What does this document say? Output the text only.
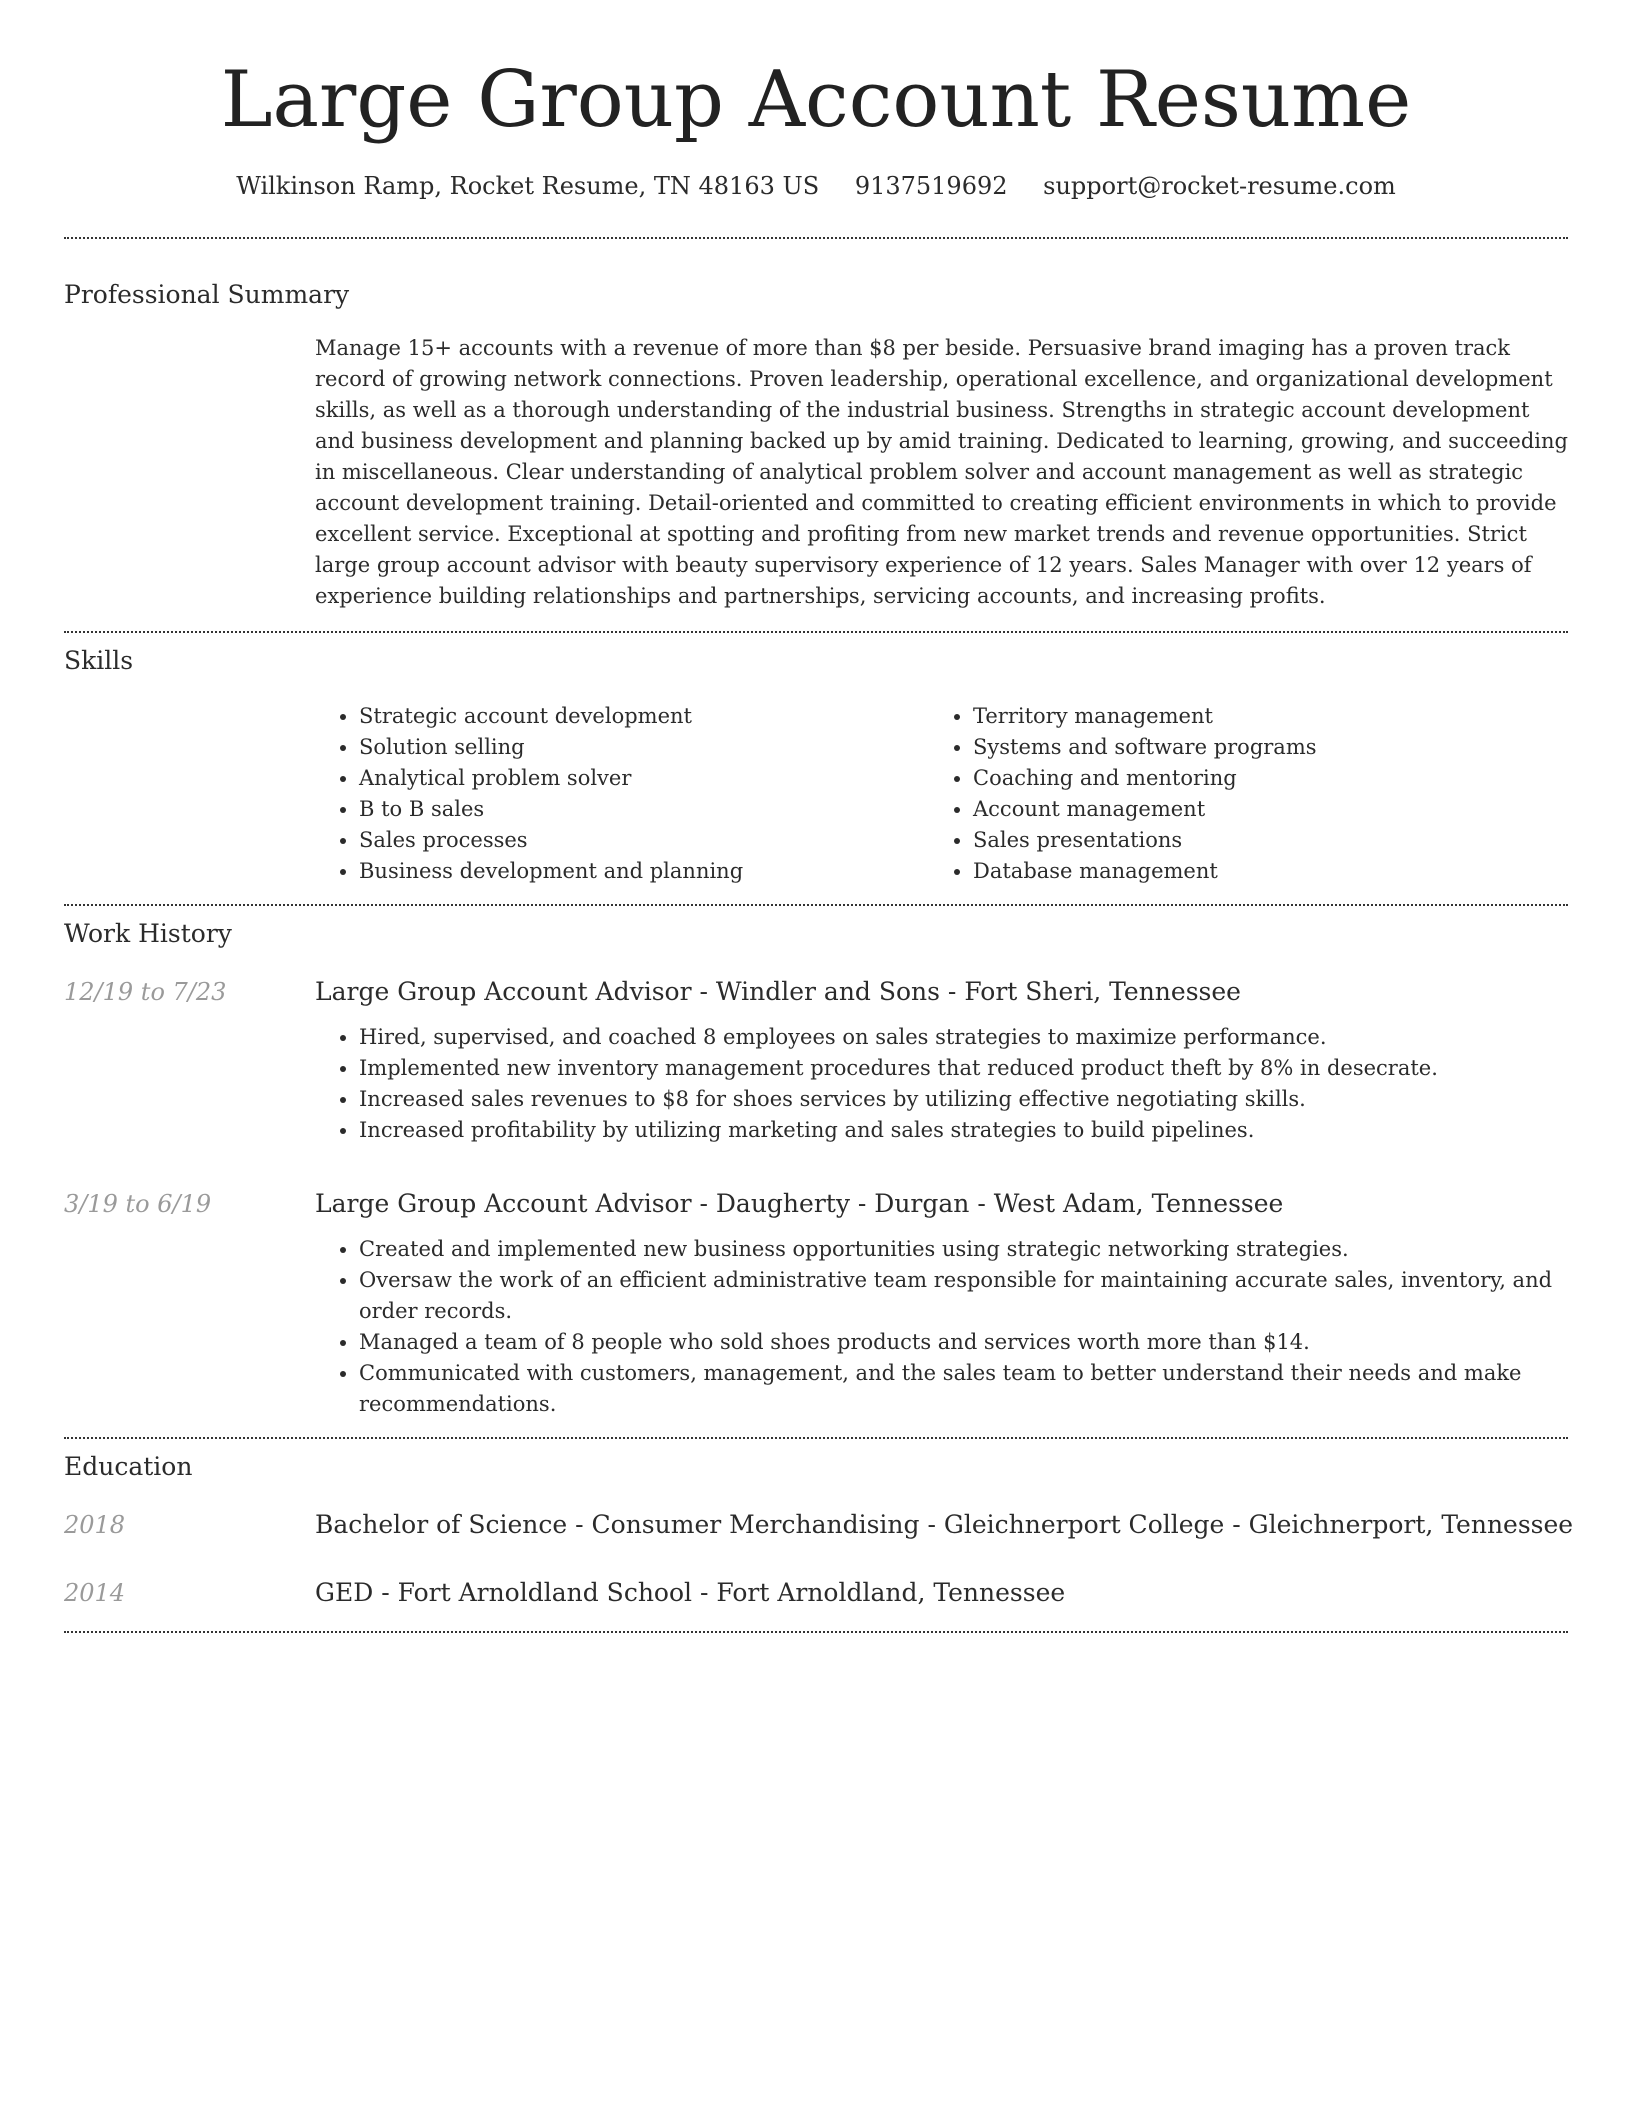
Large Group Account Resume
Wilkinson Ramp, Rocket Resume, TN 48163 US 9137519692 support@rocket-resume.com
Professional Summary

Manage 15+ accounts with a revenue of more than $8 per beside. Persuasive brand imaging has a proven track record of growing network connections. Proven leadership, operational excellence, and organizational development skills, as well as a thorough understanding of the industrial business. Strengths in strategic account development and business development and planning backed up by amid training. Dedicated to learning, growing, and succeeding in miscellaneous. Clear understanding of analytical problem solver and account management as well as strategic account development training. Detail-oriented and committed to creating efficient environments in which to provide excellent service. Exceptional at spotting and profiting from new market trends and revenue opportunities. Strict large group account advisor with beauty supervisory experience of 12 years. Sales Manager with over 12 years of experience building relationships and partnerships, servicing accounts, and increasing profits.

Skills
• Strategic account development
• Solution selling
• Analytical problem solver
• B to B sales
• Sales processes
• Business development and planning
• Territory management
• Systems and software programs
• Coaching and mentoring
• Account management
• Sales presentations
• Database management
Work History
12/19 to 7/23	Large Group Account Advisor - Windler and Sons - Fort Sheri, Tennessee
• Hired, supervised, and coached 8 employees on sales strategies to maximize performance.
• Implemented new inventory management procedures that reduced product theft by 8% in desecrate.
• Increased sales revenues to $8 for shoes services by utilizing effective negotiating skills.
• Increased profitability by utilizing marketing and sales strategies to build pipelines.
3/19 to 6/19	Large Group Account Advisor - Daugherty - Durgan - West Adam, Tennessee
• Created and implemented new business opportunities using strategic networking strategies.
• Oversaw the work of an efficient administrative team responsible for maintaining accurate sales, inventory, and order records.
• Managed a team of 8 people who sold shoes products and services worth more than $14.
• Communicated with customers, management, and the sales team to better understand their needs and make recommendations.
Education
2018	Bachelor of Science - Consumer Merchandising - Gleichnerport College - Gleichnerport, Tennessee
2014	GED - Fort Arnoldland School - Fort Arnoldland, Tennessee
